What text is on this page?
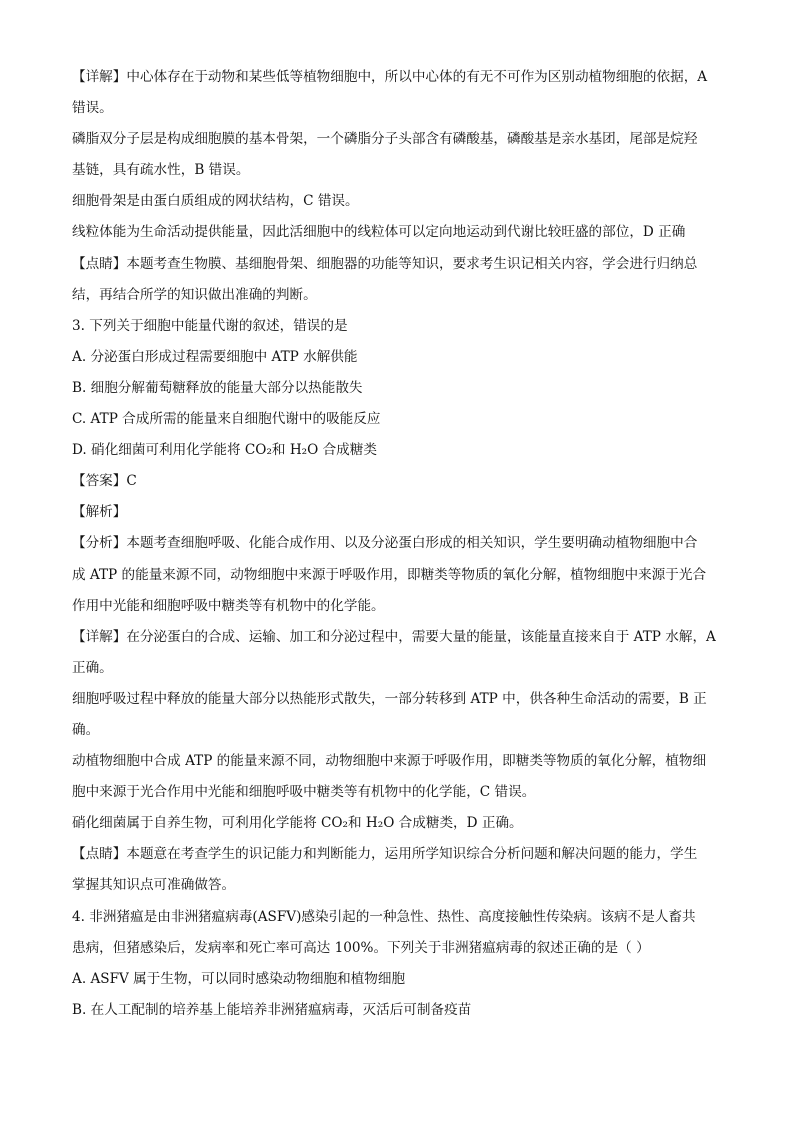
【详解】中心体存在于动物和某些低等植物细胞中，所以中心体的有无不可作为区别动植物细胞的依据，A
错误。
磷脂双分子层是构成细胞膜的基本骨架，一个磷脂分子头部含有磷酸基，磷酸基是亲水基团，尾部是烷羟
基链，具有疏水性，B 错误。
细胞骨架是由蛋白质组成的网状结构，C 错误。
线粒体能为生命活动提供能量，因此活细胞中的线粒体可以定向地运动到代谢比较旺盛的部位，D 正确
【点睛】本题考查生物膜、基细胞骨架、细胞器的功能等知识，要求考生识记相关内容，学会进行归纳总
结，再结合所学的知识做出准确的判断。
3. 下列关于细胞中能量代谢的叙述，错误的是
A. 分泌蛋白形成过程需要细胞中 ATP 水解供能
B. 细胞分解葡萄糖释放的能量大部分以热能散失
C. ATP 合成所需的能量来自细胞代谢中的吸能反应
D. 硝化细菌可利用化学能将 CO₂和 H₂O 合成糖类
【答案】C
【解析】
【分析】本题考查细胞呼吸、化能合成作用、以及分泌蛋白形成的相关知识，学生要明确动植物细胞中合
成 ATP 的能量来源不同，动物细胞中来源于呼吸作用，即糖类等物质的氧化分解，植物细胞中来源于光合
作用中光能和细胞呼吸中糖类等有机物中的化学能。
【详解】在分泌蛋白的合成、运输、加工和分泌过程中，需要大量的能量，该能量直接来自于 ATP 水解，A
正确。
细胞呼吸过程中释放的能量大部分以热能形式散失，一部分转移到 ATP 中，供各种生命活动的需要，B 正
确。
动植物细胞中合成 ATP 的能量来源不同，动物细胞中来源于呼吸作用，即糖类等物质的氧化分解，植物细
胞中来源于光合作用中光能和细胞呼吸中糖类等有机物中的化学能，C 错误。
硝化细菌属于自养生物，可利用化学能将 CO₂和 H₂O 合成糖类，D 正确。
【点睛】本题意在考查学生的识记能力和判断能力，运用所学知识综合分析问题和解决问题的能力，学生
掌握其知识点可准确做答。
4. 非洲猪瘟是由非洲猪瘟病毒(ASFV)感染引起的一种急性、热性、高度接触性传染病。该病不是人畜共
患病，但猪感染后，发病率和死亡率可高达 100%。下列关于非洲猪瘟病毒的叙述正确的是（ ）
A. ASFV 属于生物，可以同时感染动物细胞和植物细胞
B. 在人工配制的培养基上能培养非洲猪瘟病毒，灭活后可制备疫苗
